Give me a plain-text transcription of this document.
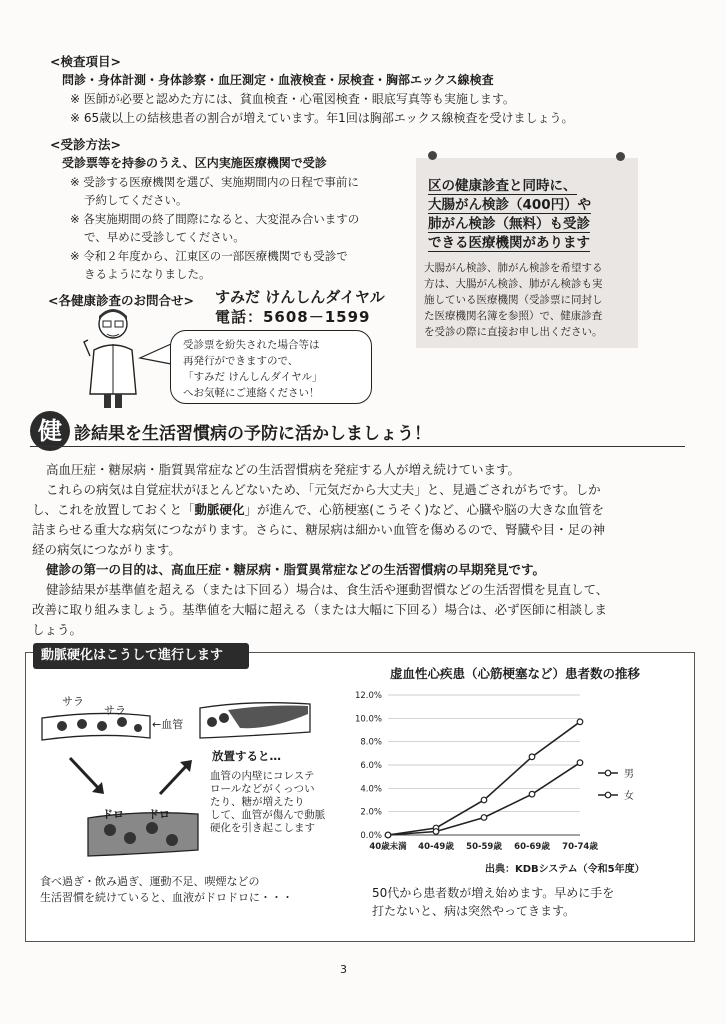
<検査項目>
問診・身体計測・身体診察・血圧測定・血液検査・尿検査・胸部エックス線検査
※ 医師が必要と認めた方には、貧血検査・心電図検査・眼底写真等も実施します。
※ 65歳以上の結核患者の割合が増えています。年1回は胸部エックス線検査を受けましょう。
<受診方法>
受診票等を持参のうえ、区内実施医療機関で受診
※ 受診する医療機関を選び、実施期間内の日程で事前に
予約してください。
※ 各実施期間の終了間際になると、大変混み合いますの
で、早めに受診してください。
※ 令和２年度から、江東区の一部医療機関でも受診で
きるようになりました。
<各健康診査のお問合せ> すみだ けんしんダイヤル
電話：5608－1599
受診票を紛失された場合等は
再発行ができますので、
「すみだ けんしんダイヤル」
へお気軽にご連絡ください！
区の健康診査と同時に、
大腸がん検診（400円）や
肺がん検診（無料）も受診
できる医療機関があります
大腸がん検診、肺がん検診を希望する
方は、大腸がん検診、肺がん検診も実
施している医療機関（受診票に同封し
た医療機関名簿を参照）で、健康診査
を受診の際に直接お申し出ください。
健 診結果を生活習慣病の予防に活かしましょう！
高血圧症・糖尿病・脂質異常症などの生活習慣病を発症する人が増え続けています。
これらの病気は自覚症状がほとんどないため、「元気だから大丈夫」と、見過ごされがちです。しか
し、これを放置しておくと「動脈硬化」が進んで、心筋梗塞(こうそく)など、心臓や脳の大きな血管を
詰まらせる重大な病気につながります。さらに、糖尿病は細かい血管を傷めるので、腎臓や目・足の神
経の病気につながります。
健診の第一の目的は、高血圧症・糖尿病・脂質異常症などの生活習慣病の早期発見です。
健診結果が基準値を超える（または下回る）場合は、食生活や運動習慣などの生活習慣を見直して、
改善に取り組みましょう。基準値を大幅に超える（または大幅に下回る）場合は、必ず医師に相談しま
しょう。
動脈硬化はこうして進行します
サラ
サラ
←血管
ドロ ドロ
放置すると…
血管の内壁にコレステ
ロールなどがくっつい
たり、糖が増えたり
して、血管が傷んで動脈
硬化を引き起こします
食べ過ぎ・飲み過ぎ、運動不足、喫煙などの
生活習慣を続けていると、血液がドロドロに・・・
虚血性心疾患（心筋梗塞など）患者数の推移
0.0%
2.0%
4.0%
6.0%
8.0%
10.0%
12.0%
40歳未満 40-49歳 50-59歳 60-69歳 70-74歳
男
女
出典：KDBシステム（令和5年度）
50代から患者数が増え始めます。早めに手を
打たないと、病は突然やってきます。
3
